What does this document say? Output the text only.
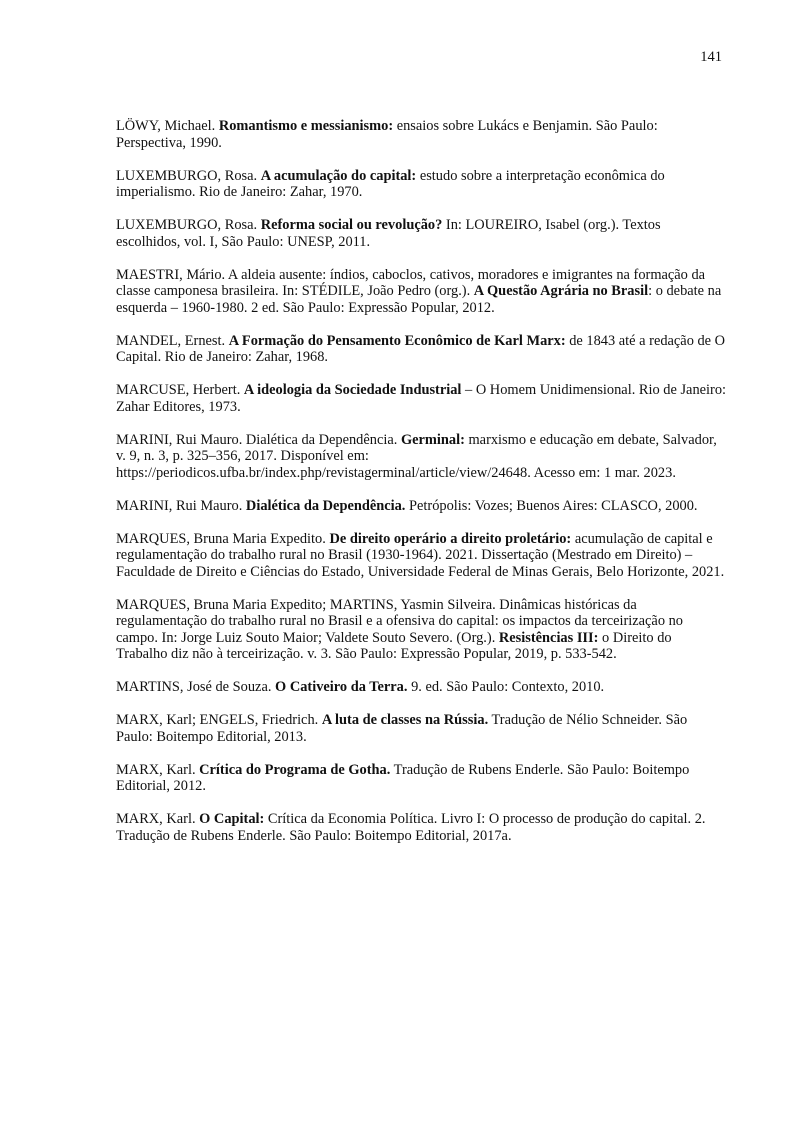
141

LÖWY, Michael. Romantismo e messianismo: ensaios sobre Lukács e Benjamin. São Paulo: Perspectiva, 1990.

LUXEMBURGO, Rosa. A acumulação do capital: estudo sobre a interpretação econômica do imperialismo. Rio de Janeiro: Zahar, 1970.

LUXEMBURGO, Rosa. Reforma social ou revolução? In: LOUREIRO, Isabel (org.). Textos escolhidos, vol. I, São Paulo: UNESP, 2011.

MAESTRI, Mário. A aldeia ausente: índios, caboclos, cativos, moradores e imigrantes na formação da classe camponesa brasileira. In: STÉDILE, João Pedro (org.). A Questão Agrária no Brasil: o debate na esquerda – 1960-1980. 2 ed. São Paulo: Expressão Popular, 2012.

MANDEL, Ernest. A Formação do Pensamento Econômico de Karl Marx: de 1843 até a redação de O Capital. Rio de Janeiro: Zahar, 1968.

MARCUSE, Herbert. A ideologia da Sociedade Industrial – O Homem Unidimensional. Rio de Janeiro: Zahar Editores, 1973.

MARINI, Rui Mauro. Dialética da Dependência. Germinal: marxismo e educação em debate, Salvador, v. 9, n. 3, p. 325–356, 2017. Disponível em: https://periodicos.ufba.br/index.php/revistagerminal/article/view/24648. Acesso em: 1 mar. 2023.

MARINI, Rui Mauro. Dialética da Dependência. Petrópolis: Vozes; Buenos Aires: CLASCO, 2000.

MARQUES, Bruna Maria Expedito. De direito operário a direito proletário: acumulação de capital e regulamentação do trabalho rural no Brasil (1930-1964). 2021. Dissertação (Mestrado em Direito) – Faculdade de Direito e Ciências do Estado, Universidade Federal de Minas Gerais, Belo Horizonte, 2021.

MARQUES, Bruna Maria Expedito; MARTINS, Yasmin Silveira. Dinâmicas históricas da regulamentação do trabalho rural no Brasil e a ofensiva do capital: os impactos da terceirização no campo. In: Jorge Luiz Souto Maior; Valdete Souto Severo. (Org.). Resistências III: o Direito do Trabalho diz não à terceirização. v. 3. São Paulo: Expressão Popular, 2019, p. 533-542.

MARTINS, José de Souza. O Cativeiro da Terra. 9. ed. São Paulo: Contexto, 2010.

MARX, Karl; ENGELS, Friedrich. A luta de classes na Rússia. Tradução de Nélio Schneider. São Paulo: Boitempo Editorial, 2013.

MARX, Karl. Crítica do Programa de Gotha. Tradução de Rubens Enderle. São Paulo: Boitempo Editorial, 2012.

MARX, Karl. O Capital: Crítica da Economia Política. Livro I: O processo de produção do capital. 2. Tradução de Rubens Enderle. São Paulo: Boitempo Editorial, 2017a.
